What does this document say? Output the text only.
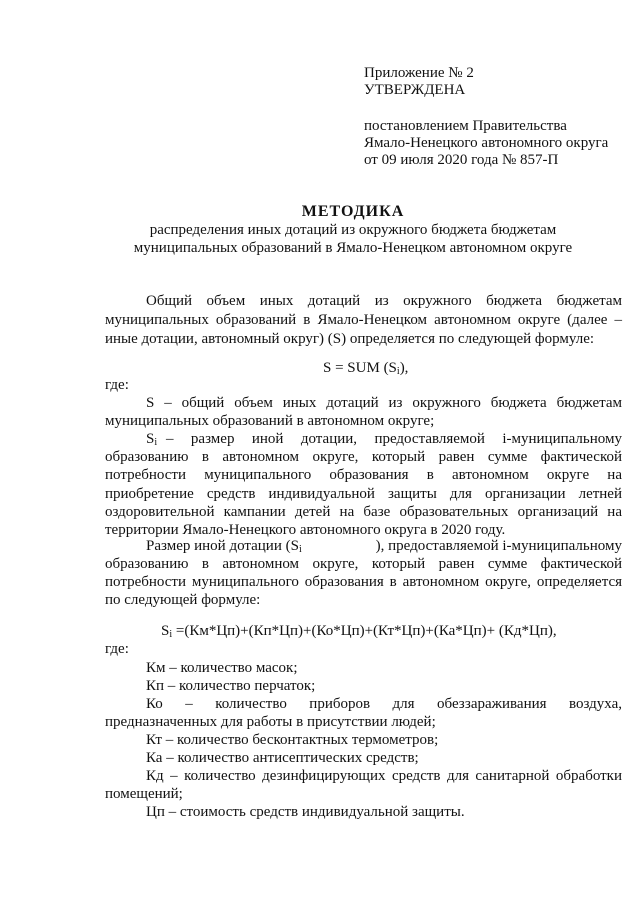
Приложение № 2
УТВЕРЖДЕНА
постановлением Правительства
Ямало-Ненецкого автономного округа
от 09 июля 2020 года № 857-П
МЕТОДИКА
распределения иных дотаций из окружного бюджета бюджетам
муниципальных образований в Ямало-Ненецком автономном округе
Общий объем иных дотаций из окружного бюджета бюджетам
муниципальных образований в Ямало-Ненецком автономном округе (далее –
иные дотации, автономный округ) (S) определяется по следующей формуле:
S = SUM $(S_i)$,
где:
S – общий объем иных дотаций из окружного бюджета бюджетам
муниципальных образований в автономном округе;
$S_i$ – размер иной дотации, предоставляемой i-муниципальному
образованию в автономном округе, который равен сумме фактической
потребности муниципального образования в автономном округе на
приобретение средств индивидуальной защиты для организации летней
оздоровительной кампании детей на базе образовательных организаций на
территории Ямало-Ненецкого автономного округа в 2020 году.
Размер иной дотации ($S_i$	), предоставляемой i-муниципальному
образованию в автономном округе, который равен сумме фактической
потребности муниципального образования в автономном округе, определяется
по следующей формуле:
$S_i =(Км*Цп)+(Кп*Цп)+(Ко*Цп)+(Кт*Цп)+(Ка*Цп)+ (Кд*Цп)$,
где:
Км – количество масок;
Кп – количество перчаток;
Ко – количество приборов для обеззараживания воздуха,
предназначенных для работы в присутствии людей;
Кт – количество бесконтактных термометров;
Ка – количество антисептических средств;
Кд – количество дезинфицирующих средств для санитарной обработки
помещений;
Цп – стоимость средств индивидуальной защиты.
